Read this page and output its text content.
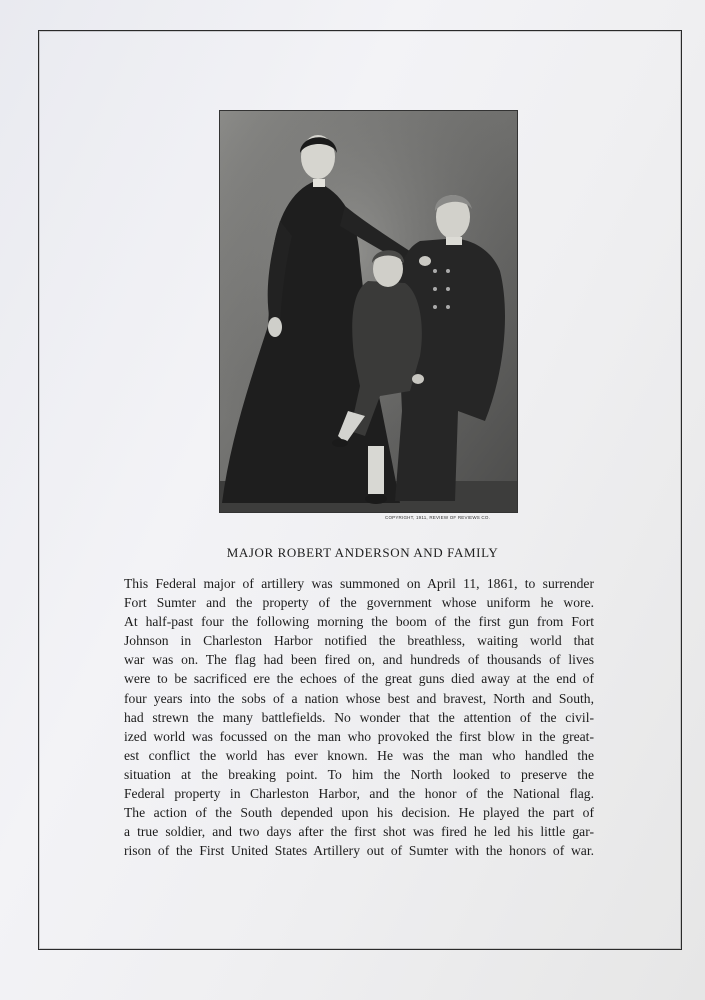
COPYRIGHT, 1911, REVIEW OF REVIEWS CO.
MAJOR ROBERT ANDERSON AND FAMILY
This Federal major of artillery was summoned on April 11, 1861, to surrender
Fort Sumter and the property of the government whose uniform he wore.
At half-past four the following morning the boom of the first gun from Fort
Johnson in Charleston Harbor notified the breathless, waiting world that
war was on. The flag had been fired on, and hundreds of thousands of lives
were to be sacrificed ere the echoes of the great guns died away at the end of
four years into the sobs of a nation whose best and bravest, North and South,
had strewn the many battlefields. No wonder that the attention of the civil-
ized world was focussed on the man who provoked the first blow in the great-
est conflict the world has ever known. He was the man who handled the
situation at the breaking point. To him the North looked to preserve the
Federal property in Charleston Harbor, and the honor of the National flag.
The action of the South depended upon his decision. He played the part of
a true soldier, and two days after the first shot was fired he led his little gar-
rison of the First United States Artillery out of Sumter with the honors of war.
